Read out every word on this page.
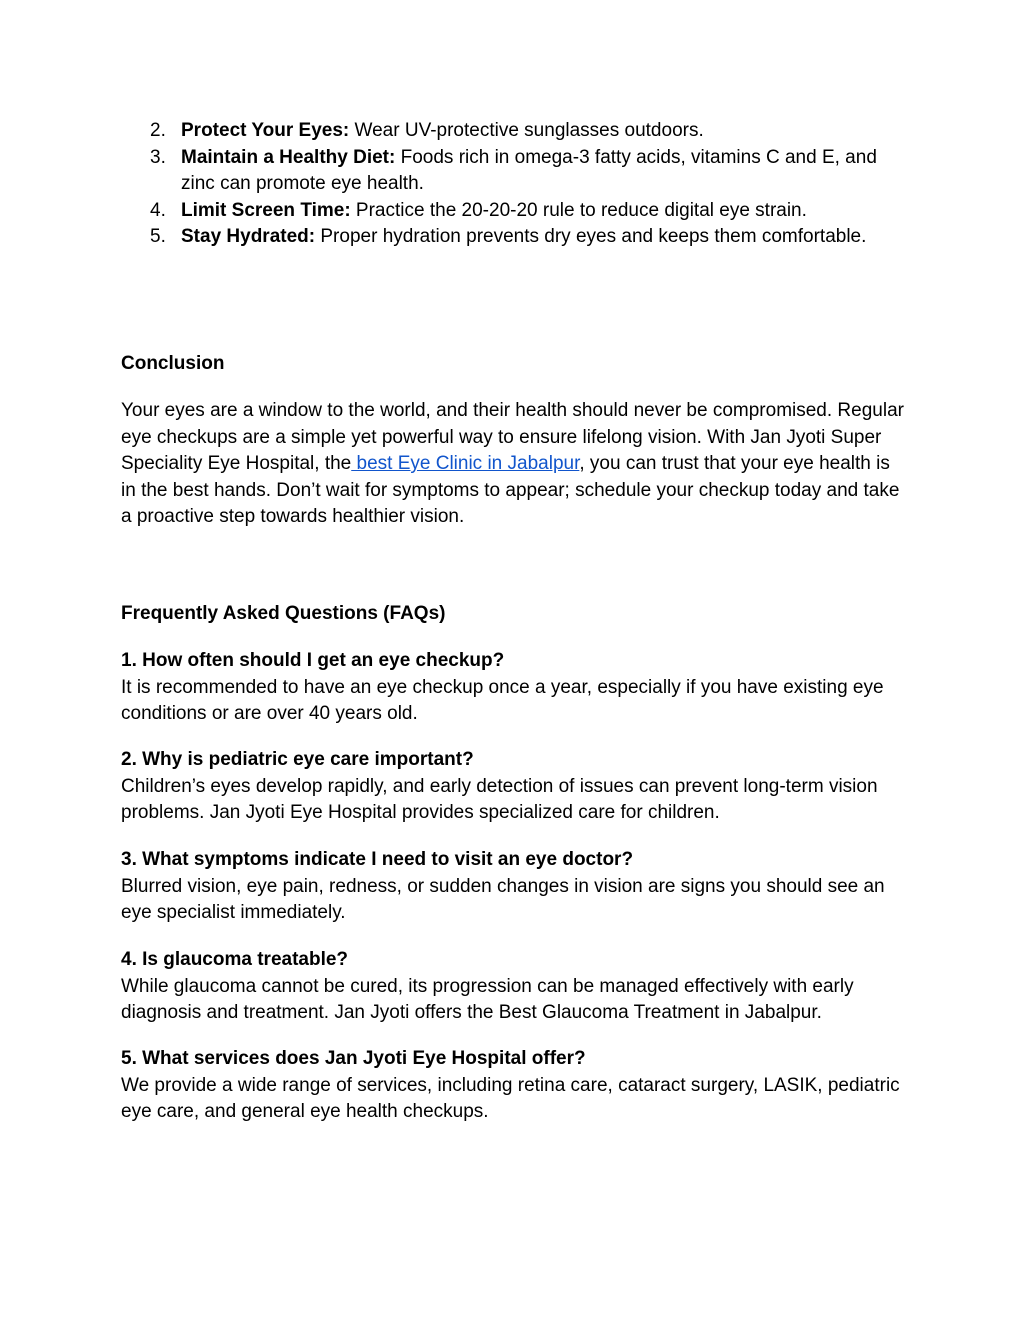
2. Protect Your Eyes: Wear UV-protective sunglasses outdoors.
3. Maintain a Healthy Diet: Foods rich in omega-3 fatty acids, vitamins C and E, and zinc can promote eye health.
4. Limit Screen Time: Practice the 20-20-20 rule to reduce digital eye strain.
5. Stay Hydrated: Proper hydration prevents dry eyes and keeps them comfortable.
Conclusion

Your eyes are a window to the world, and their health should never be compromised. Regular eye checkups are a simple yet powerful way to ensure lifelong vision. With Jan Jyoti Super Speciality Eye Hospital, the best Eye Clinic in Jabalpur, you can trust that your eye health is in the best hands. Don’t wait for symptoms to appear; schedule your checkup today and take a proactive step towards healthier vision.

Frequently Asked Questions (FAQs)
1. How often should I get an eye checkup?
It is recommended to have an eye checkup once a year, especially if you have existing eye conditions or are over 40 years old.
2. Why is pediatric eye care important?
Children’s eyes develop rapidly, and early detection of issues can prevent long-term vision problems. Jan Jyoti Eye Hospital provides specialized care for children.
3. What symptoms indicate I need to visit an eye doctor?
Blurred vision, eye pain, redness, or sudden changes in vision are signs you should see an eye specialist immediately.
4. Is glaucoma treatable?
While glaucoma cannot be cured, its progression can be managed effectively with early diagnosis and treatment. Jan Jyoti offers the Best Glaucoma Treatment in Jabalpur.
5. What services does Jan Jyoti Eye Hospital offer?
We provide a wide range of services, including retina care, cataract surgery, LASIK, pediatric eye care, and general eye health checkups.
